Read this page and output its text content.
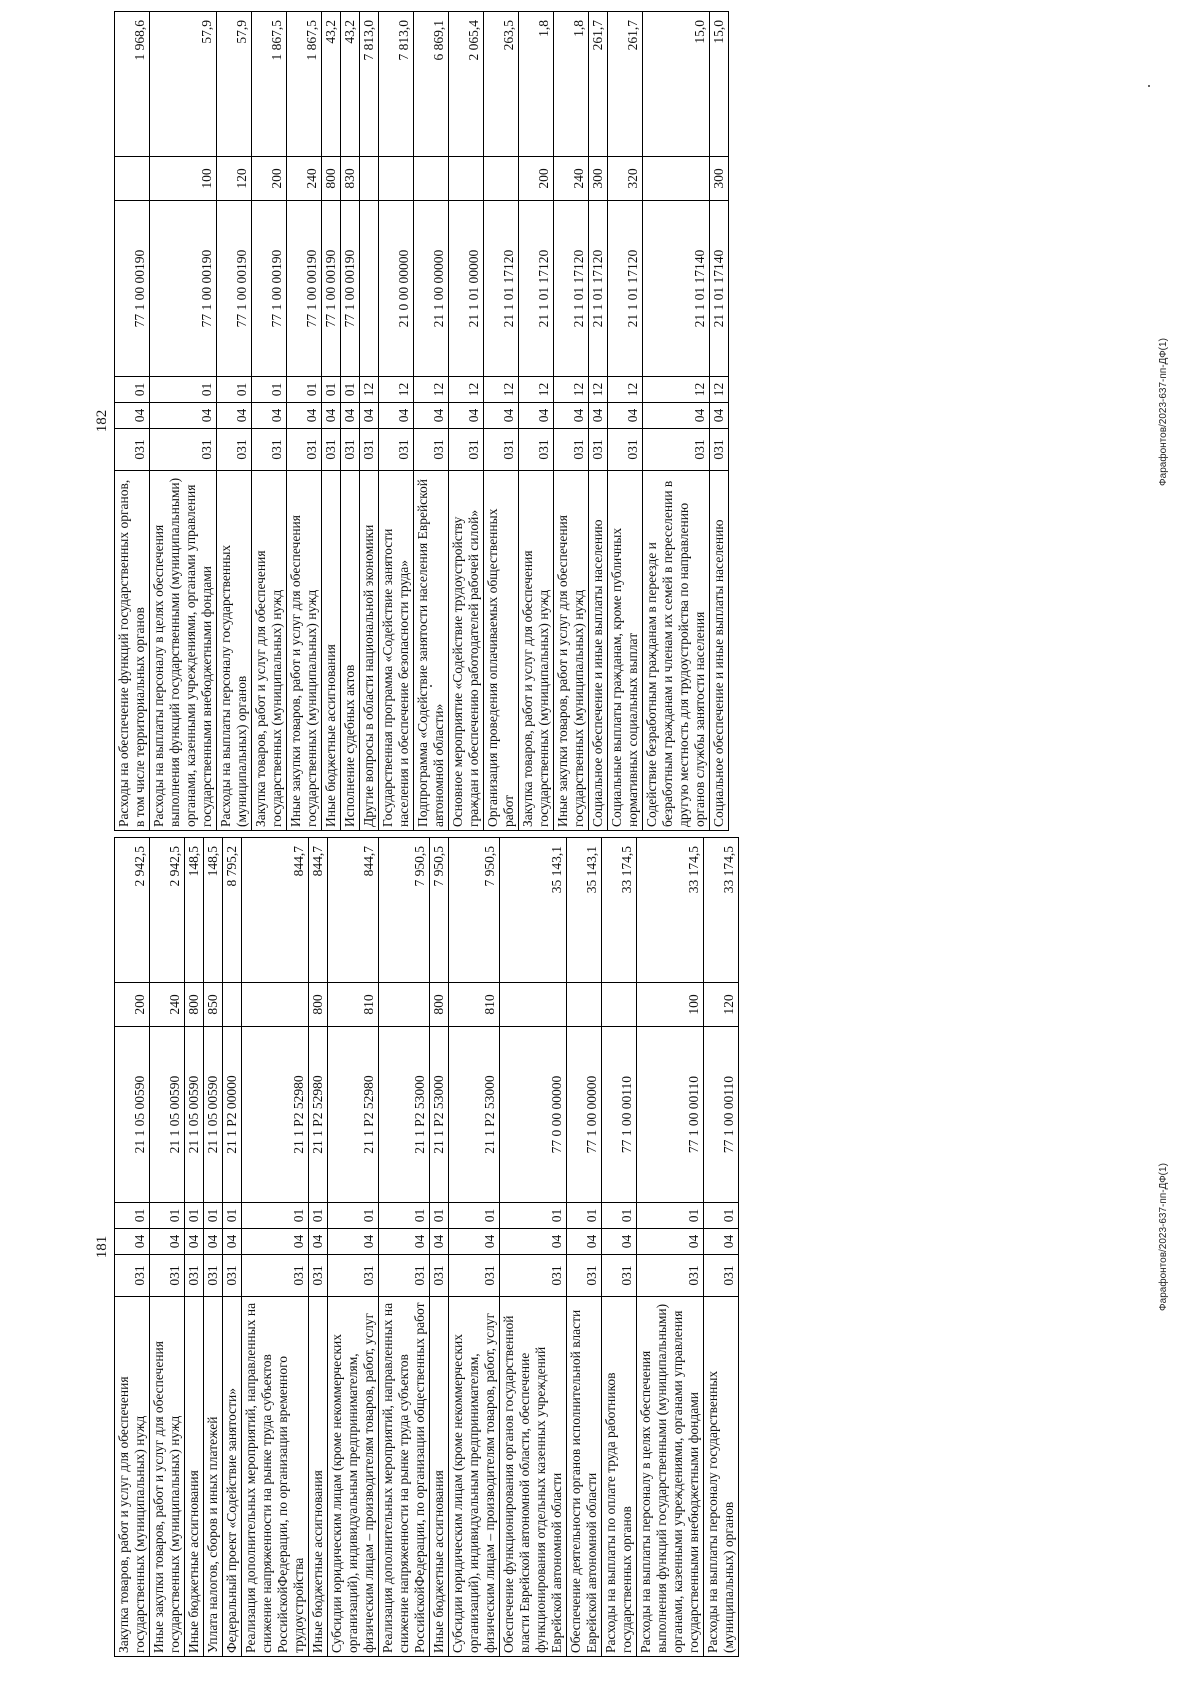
181
Закупка товаров, работ и услуг для обеспечения государственных (муниципальных) нужд	031	04	01	21 1 05 00590	200	2 942,5
Иные закупки товаров, работ и услуг для обеспечения государственных (муниципальных) нужд	031	04	01	21 1 05 00590	240	2 942,5
Иные бюджетные ассигнования	031	04	01	21 1 05 00590	800	148,5
Уплата налогов, сборов и иных платежей	031	04	01	21 1 05 00590	850	148,5
Федеральный проект «Содействие занятости»	031	04	01	21 1 P2 00000		8 795,2
Реализация дополнительных мероприятий, направленных на снижение напряженности на рынке труда субъектов РоссийскойФедерации, по организации временного трудоустройства	031	04	01	21 1 P2 52980		844,7
Иные бюджетные ассигнования	031	04	01	21 1 P2 52980	800	844,7
Субсидии юридическим лицам (кроме некоммерческих организаций), индивидуальным предпринимателям, физическим лицам – производителям товаров, работ, услуг	031	04	01	21 1 P2 52980	810	844,7
Реализация дополнительных мероприятий, направленных на снижение напряженности на рынке труда субъектов РоссийскойФедерации, по организации общественных работ	031	04	01	21 1 P2 53000		7 950,5
Иные бюджетные ассигнования	031	04	01	21 1 P2 53000	800	7 950,5
Субсидии юридическим лицам (кроме некоммерческих организаций), индивидуальным предпринимателям, физическим лицам – производителям товаров, работ, услуг	031	04	01	21 1 P2 53000	810	7 950,5
Обеспечение функционирования органов государственной власти Еврейской автономной области, обеспечение функционирования отдельных казенных учреждений Еврейской автономной области	031	04	01	77 0 00 00000		35 143,1
Обеспечение деятельности органов исполнительной власти Еврейской автономной области	031	04	01	77 1 00 00000		35 143,1
Расходы на выплаты по оплате труда работников государственных органов	031	04	01	77 1 00 00110		33 174,5
Расходы на выплаты персоналу в целях обеспечения выполнения функций государственными (муниципальными) органами, казенными учреждениями, органами управления государственными внебюджетными фондами	031	04	01	77 1 00 00110	100	33 174,5
Расходы на выплаты персоналу государственных (муниципальных) органов	031	04	01	77 1 00 00110	120	33 174,5
182
Расходы на обеспечение функций государственных органов, в том числе территориальных органов	031	04	01	77 1 00 00190		1 968,6
Расходы на выплаты персоналу в целях обеспечения выполнения функций государственными (муниципальными) органами, казенными учреждениями, органами управления государственными внебюджетными фондами	031	04	01	77 1 00 00190	100	57,9
Расходы на выплаты персоналу государственных (муниципальных) органов	031	04	01	77 1 00 00190	120	57,9
Закупка товаров, работ и услуг для обеспечения государственных (муниципальных) нужд	031	04	01	77 1 00 00190	200	1 867,5
Иные закупки товаров, работ и услуг для обеспечения государственных (муниципальных) нужд	031	04	01	77 1 00 00190	240	1 867,5
Иные бюджетные ассигнования	031	04	01	77 1 00 00190	800	43,2
Исполнение судебных актов	031	04	01	77 1 00 00190	830	43,2
Другие вопросы в области национальной экономики	031	04	12			7 813,0
Государственная программа «Содействие занятости населения и обеспечение безопасности труда»	031	04	12	21 0 00 00000		7 813,0
Подпрограмма «Содействие занятости населения Еврейской автономной области»	031	04	12	21 1 00 00000		6 869,1
Основное мероприятие «Содействие трудоустройству граждан и обеспечению работодателей рабочей силой»	031	04	12	21 1 01 00000		2 065,4
Организация проведения оплачиваемых общественных работ	031	04	12	21 1 01 17120		263,5
Закупка товаров, работ и услуг для обеспечения государственных (муниципальных) нужд	031	04	12	21 1 01 17120	200	1,8
Иные закупки товаров, работ и услуг для обеспечения государственных (муниципальных) нужд	031	04	12	21 1 01 17120	240	1,8
Социальное обеспечение и иные выплаты населению	031	04	12	21 1 01 17120	300	261,7
Социальные выплаты гражданам, кроме публичных нормативных социальных выплат	031	04	12	21 1 01 17120	320	261,7
Содействие безработным гражданам в переезде и безработным гражданам и членам их семей в переселении в другую местность для трудоустройства по направлению органов службы занятости населения	031	04	12	21 1 01 17140		15,0
Социальное обеспечение и иные выплаты населению	031	04	12	21 1 01 17140	300	15,0
Фарафонтов/2023-637-пп-ДФ(1)
Фарафонтов/2023-637-пп-ДФ(1)
